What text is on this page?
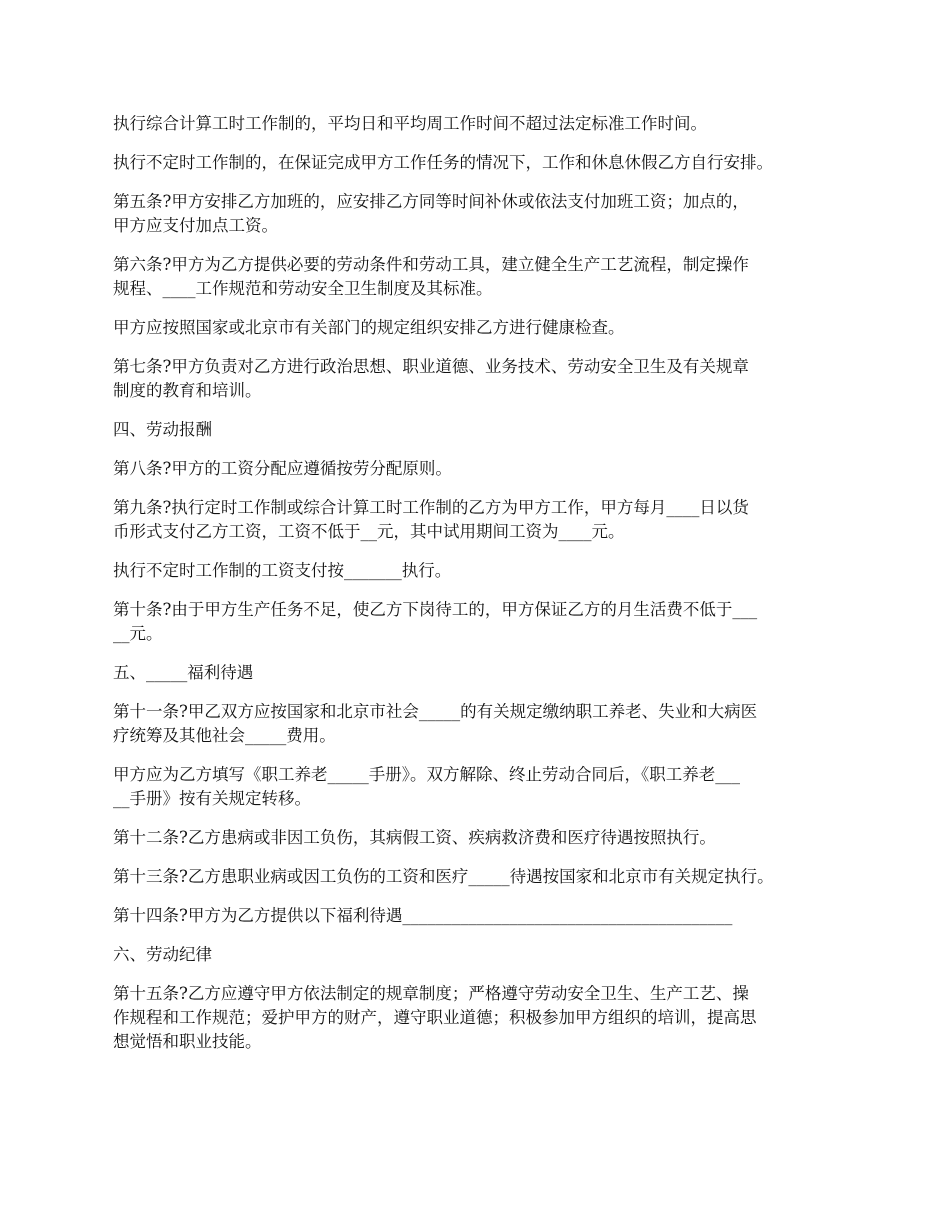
执行综合计算工时工作制的，平均日和平均周工作时间不超过法定标准工作时间。

执行不定时工作制的，在保证完成甲方工作任务的情况下，工作和休息休假乙方自行安排。

第五条?甲方安排乙方加班的，应安排乙方同等时间补休或依法支付加班工资；加点的，
甲方应支付加点工资。

第六条?甲方为乙方提供必要的劳动条件和劳动工具，建立健全生产工艺流程，制定操作
规程、____工作规范和劳动安全卫生制度及其标准。

甲方应按照国家或北京市有关部门的规定组织安排乙方进行健康检查。

第七条?甲方负责对乙方进行政治思想、职业道德、业务技术、劳动安全卫生及有关规章
制度的教育和培训。

四、劳动报酬

第八条?甲方的工资分配应遵循按劳分配原则。

第九条?执行定时工作制或综合计算工时工作制的乙方为甲方工作，甲方每月____日以货
币形式支付乙方工资，工资不低于__元，其中试用期间工资为____元。

执行不定时工作制的工资支付按_______执行。

第十条?由于甲方生产任务不足，使乙方下岗待工的，甲方保证乙方的月生活费不低于___
__元。

五、_____福利待遇

第十一条?甲乙双方应按国家和北京市社会_____的有关规定缴纳职工养老、失业和大病医
疗统筹及其他社会_____费用。

甲方应为乙方填写《职工养老_____手册》。双方解除、终止劳动合同后，《职工养老___
__手册》按有关规定转移。

第十二条?乙方患病或非因工负伤，其病假工资、疾病救济费和医疗待遇按照执行。

第十三条?乙方患职业病或因工负伤的工资和医疗_____待遇按国家和北京市有关规定执行。

第十四条?甲方为乙方提供以下福利待遇________________________________________

六、劳动纪律

第十五条?乙方应遵守甲方依法制定的规章制度；严格遵守劳动安全卫生、生产工艺、操
作规程和工作规范；爱护甲方的财产，遵守职业道德；积极参加甲方组织的培训，提高思
想觉悟和职业技能。
